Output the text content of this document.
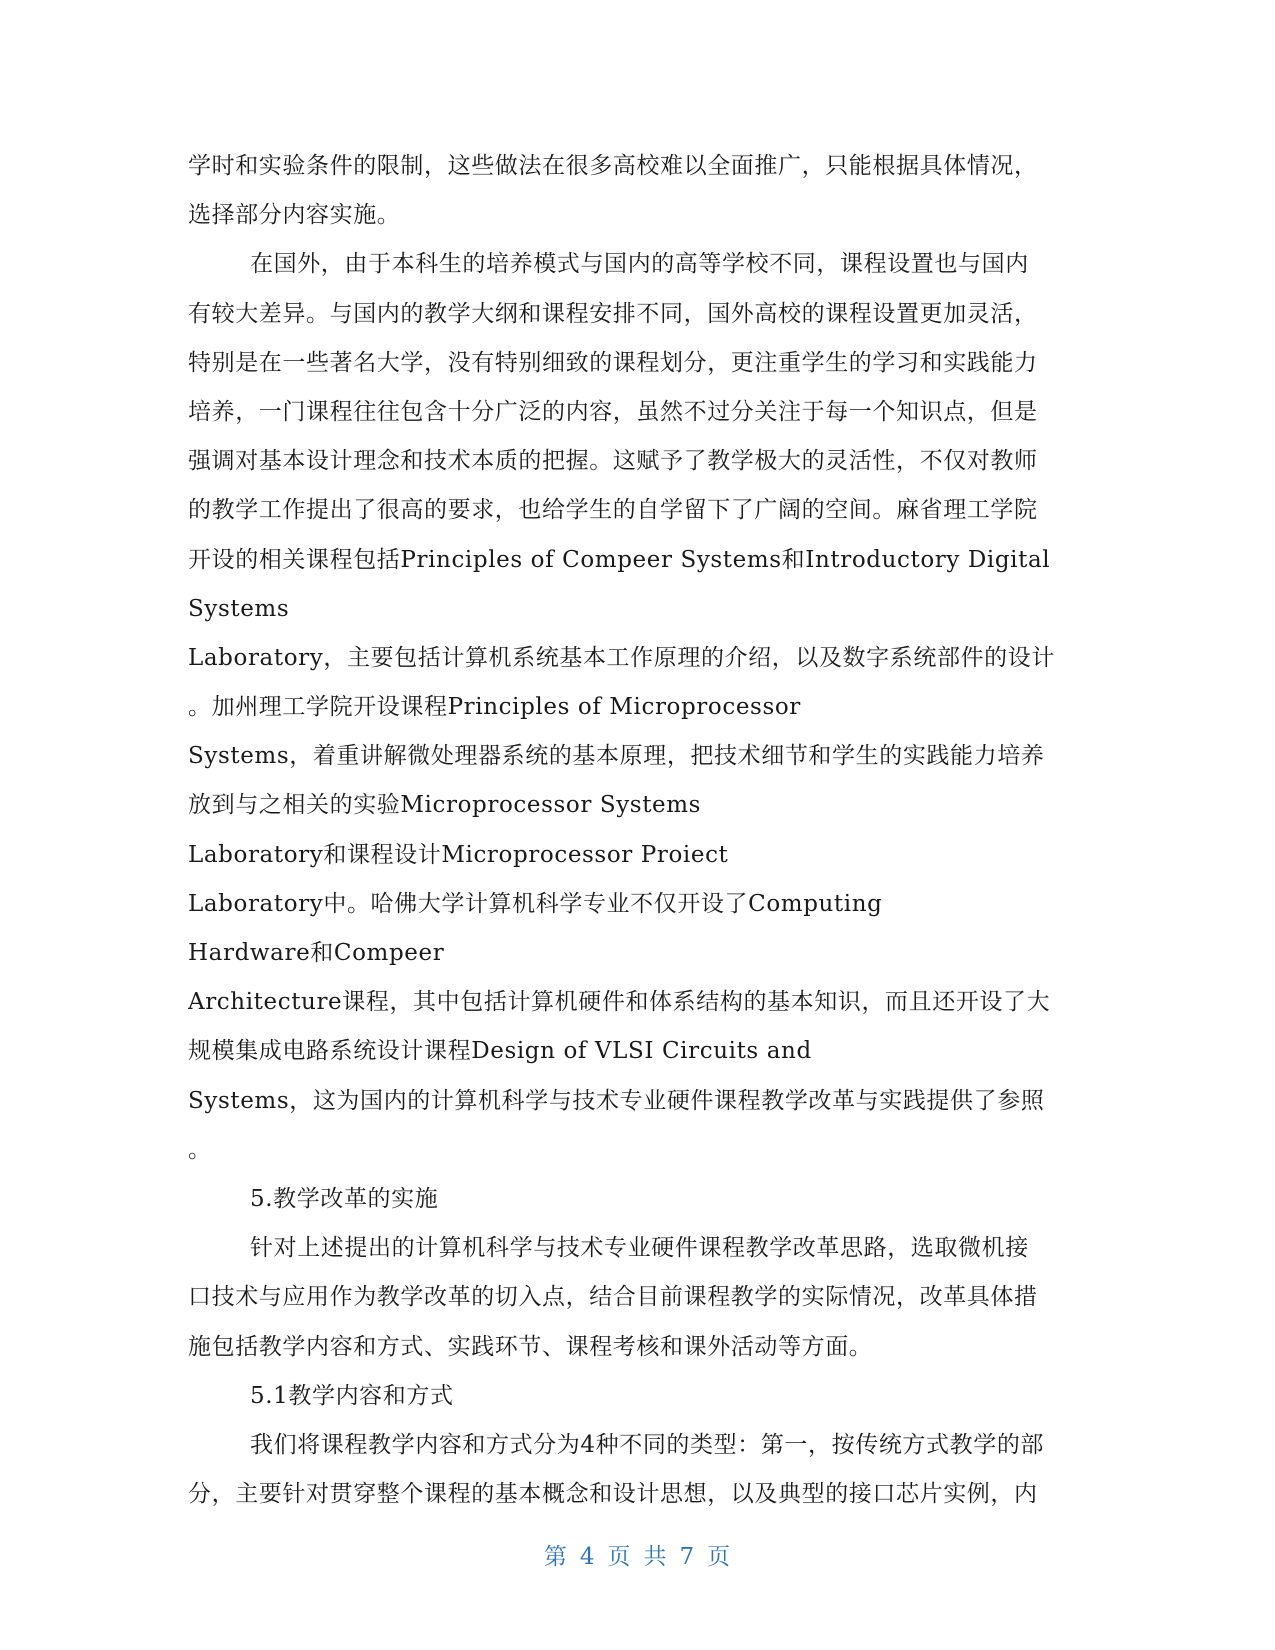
学时和实验条件的限制，这些做法在很多高校难以全面推广，只能根据具体情况，
选择部分内容实施。
在国外，由于本科生的培养模式与国内的高等学校不同，课程设置也与国内
有较大差异。与国内的教学大纲和课程安排不同，国外高校的课程设置更加灵活，
特别是在一些著名大学，没有特别细致的课程划分，更注重学生的学习和实践能力
培养，一门课程往往包含十分广泛的内容，虽然不过分关注于每一个知识点，但是
强调对基本设计理念和技术本质的把握。这赋予了教学极大的灵活性，不仅对教师
的教学工作提出了很高的要求，也给学生的自学留下了广阔的空间。麻省理工学院
开设的相关课程包括Principles of Compeer Systems和Introductory Digital
Systems
Laboratory，主要包括计算机系统基本工作原理的介绍，以及数字系统部件的设计
。加州理工学院开设课程Principles of Microprocessor
Systems，着重讲解微处理器系统的基本原理，把技术细节和学生的实践能力培养
放到与之相关的实验Microprocessor Systems
Laboratory和课程设计Microprocessor Proiect
Laboratory中。哈佛大学计算机科学专业不仅开设了Computing
Hardware和Compeer
Architecture课程，其中包括计算机硬件和体系结构的基本知识，而且还开设了大
规模集成电路系统设计课程Design of VLSI Circuits and
Systems，这为国内的计算机科学与技术专业硬件课程教学改革与实践提供了参照
。
5.教学改革的实施
针对上述提出的计算机科学与技术专业硬件课程教学改革思路，选取微机接
口技术与应用作为教学改革的切入点，结合目前课程教学的实际情况，改革具体措
施包括教学内容和方式、实践环节、课程考核和课外活动等方面。
5.1教学内容和方式
我们将课程教学内容和方式分为4种不同的类型：第一，按传统方式教学的部
分，主要针对贯穿整个课程的基本概念和设计思想，以及典型的接口芯片实例，内
第 4 页 共 7 页
